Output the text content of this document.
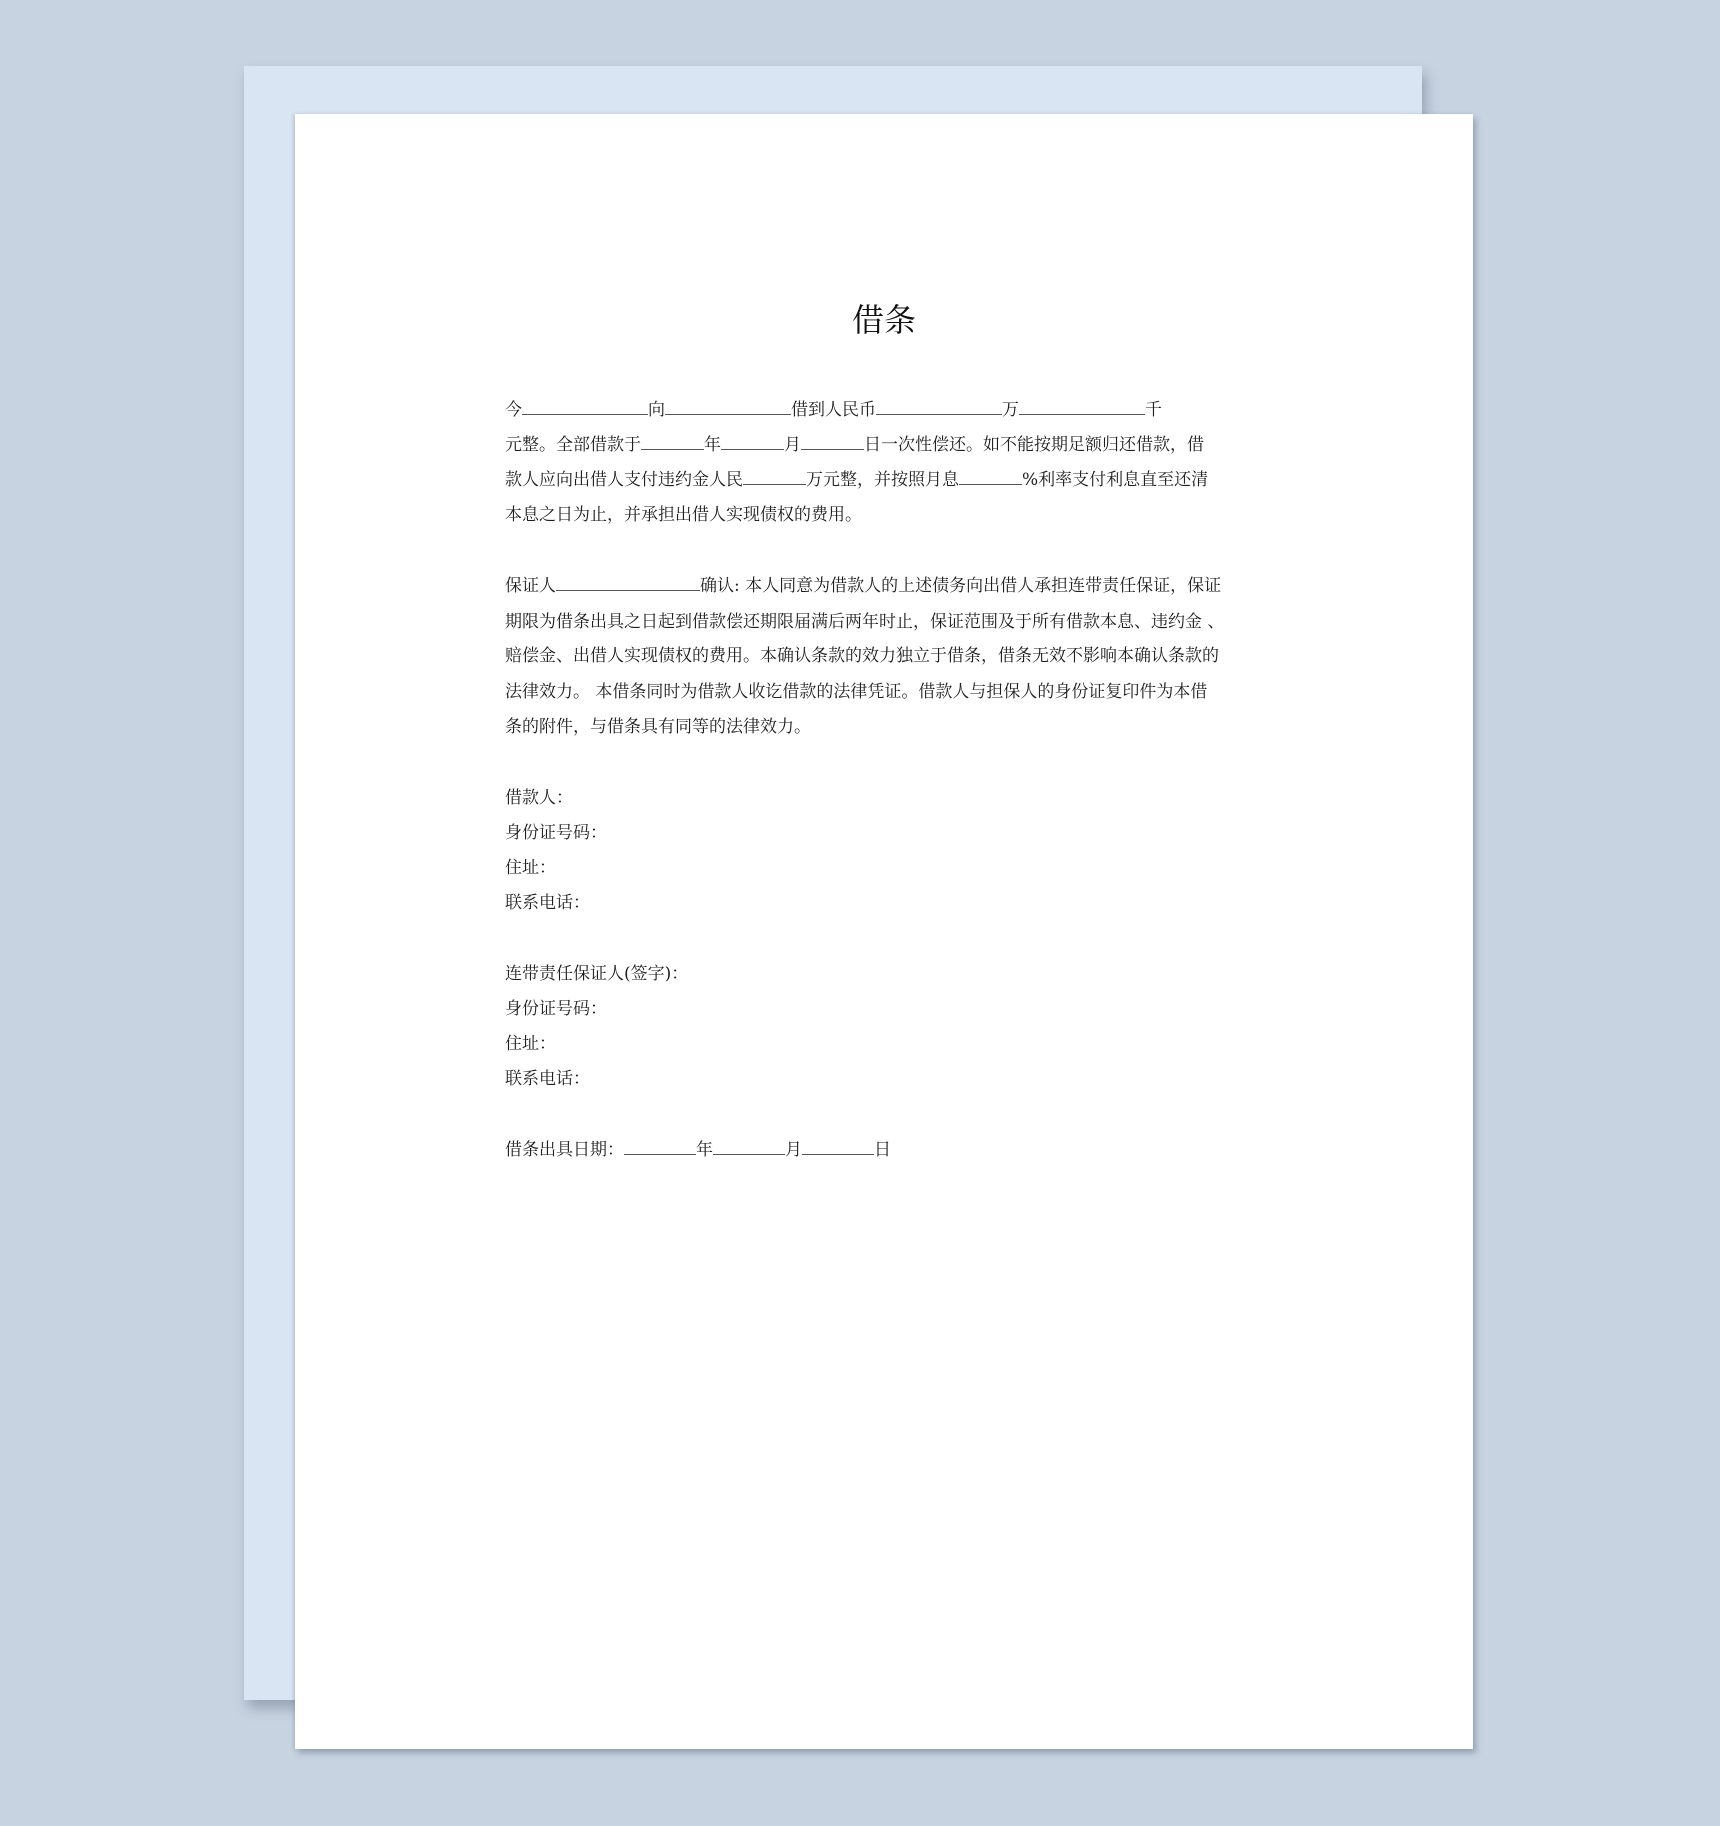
借条
今	向	借到人民币	万	千
元整。全部借款于	年	月	日一次性偿还。如不能按期足额归还借款，借
款人应向出借人支付违约金人民	万元整，并按照月息	%利率支付利息直至还清
本息之日为止，并承担出借人实现债权的费用。
保证人	确认: 本人同意为借款人的上述债务向出借人承担连带责任保证，保证
期限为借条出具之日起到借款偿还期限届满后两年时止，保证范围及于所有借款本息、违约金 、
赔偿金、出借人实现债权的费用。本确认条款的效力独立于借条，借条无效不影响本确认条款的
法律效力。 本借条同时为借款人收讫借款的法律凭证。借款人与担保人的身份证复印件为本借
条的附件，与借条具有同等的法律效力。
借款人：
身份证号码：
住址：
联系电话：
连带责任保证人(签字)：
身份证号码：
住址：
联系电话：
借条出具日期：	年	月	日
